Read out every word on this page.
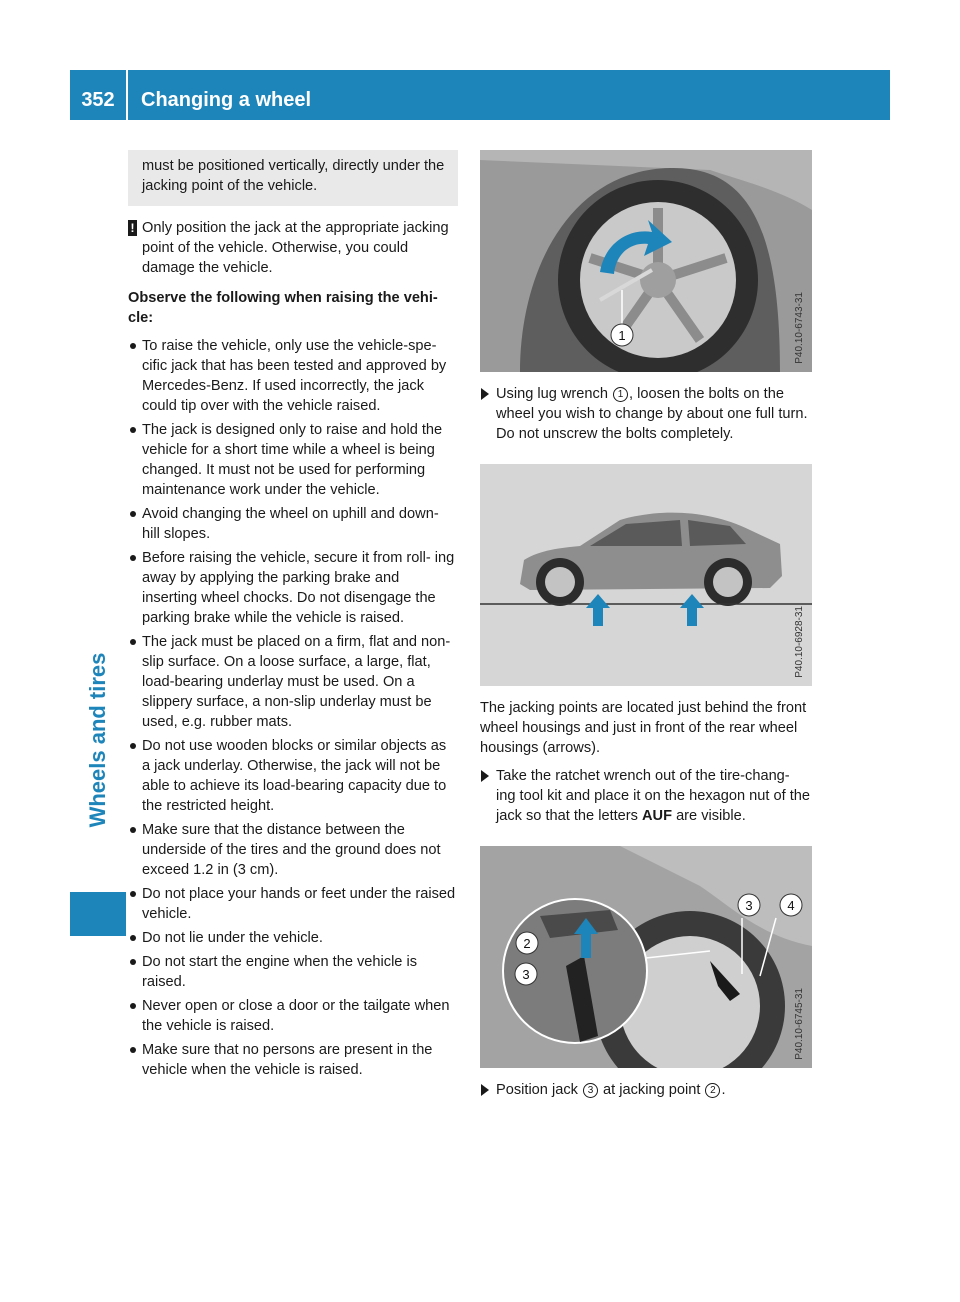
352	Changing a wheel
Wheels and tires
must be positioned vertically, directly under the jacking point of the vehicle.
! Only position the jack at the appropriate jacking point of the vehicle. Otherwise, you could damage the vehicle.
Observe the following when raising the vehi- cle:
To raise the vehicle, only use the vehicle-spe- cific jack that has been tested and approved by Mercedes-Benz. If used incorrectly, the jack could tip over with the vehicle raised.
The jack is designed only to raise and hold the vehicle for a short time while a wheel is being changed. It must not be used for performing maintenance work under the vehicle.
Avoid changing the wheel on uphill and down- hill slopes.
Before raising the vehicle, secure it from roll- ing away by applying the parking brake and inserting wheel chocks. Do not disengage the parking brake while the vehicle is raised.
The jack must be placed on a firm, flat and non-slip surface. On a loose surface, a large, flat, load-bearing underlay must be used. On a slippery surface, a non-slip underlay must be used, e.g. rubber mats.
Do not use wooden blocks or similar objects as a jack underlay. Otherwise, the jack will not be able to achieve its load-bearing capacity due to the restricted height.
Make sure that the distance between the underside of the tires and the ground does not exceed 1.2 in (3 cm).
Do not place your hands or feet under the raised vehicle.
Do not lie under the vehicle.
Do not start the engine when the vehicle is raised.
Never open or close a door or the tailgate when the vehicle is raised.
Make sure that no persons are present in the vehicle when the vehicle is raised.
1	P40.10-6743-31
Using lug wrench 1 , loosen the bolts on the wheel you wish to change by about one full turn. Do not unscrew the bolts completely.
P40.10-6928-31

The jacking points are located just behind the front wheel housings and just in front of the rear wheel housings (arrows).

Take the ratchet wrench out of the tire-chang- ing tool kit and place it on the hexagon nut of the jack so that the letters AUF are visible.
2
3
3	4
P40.10-6745-31
Position jack 3 at jacking point 2 .
